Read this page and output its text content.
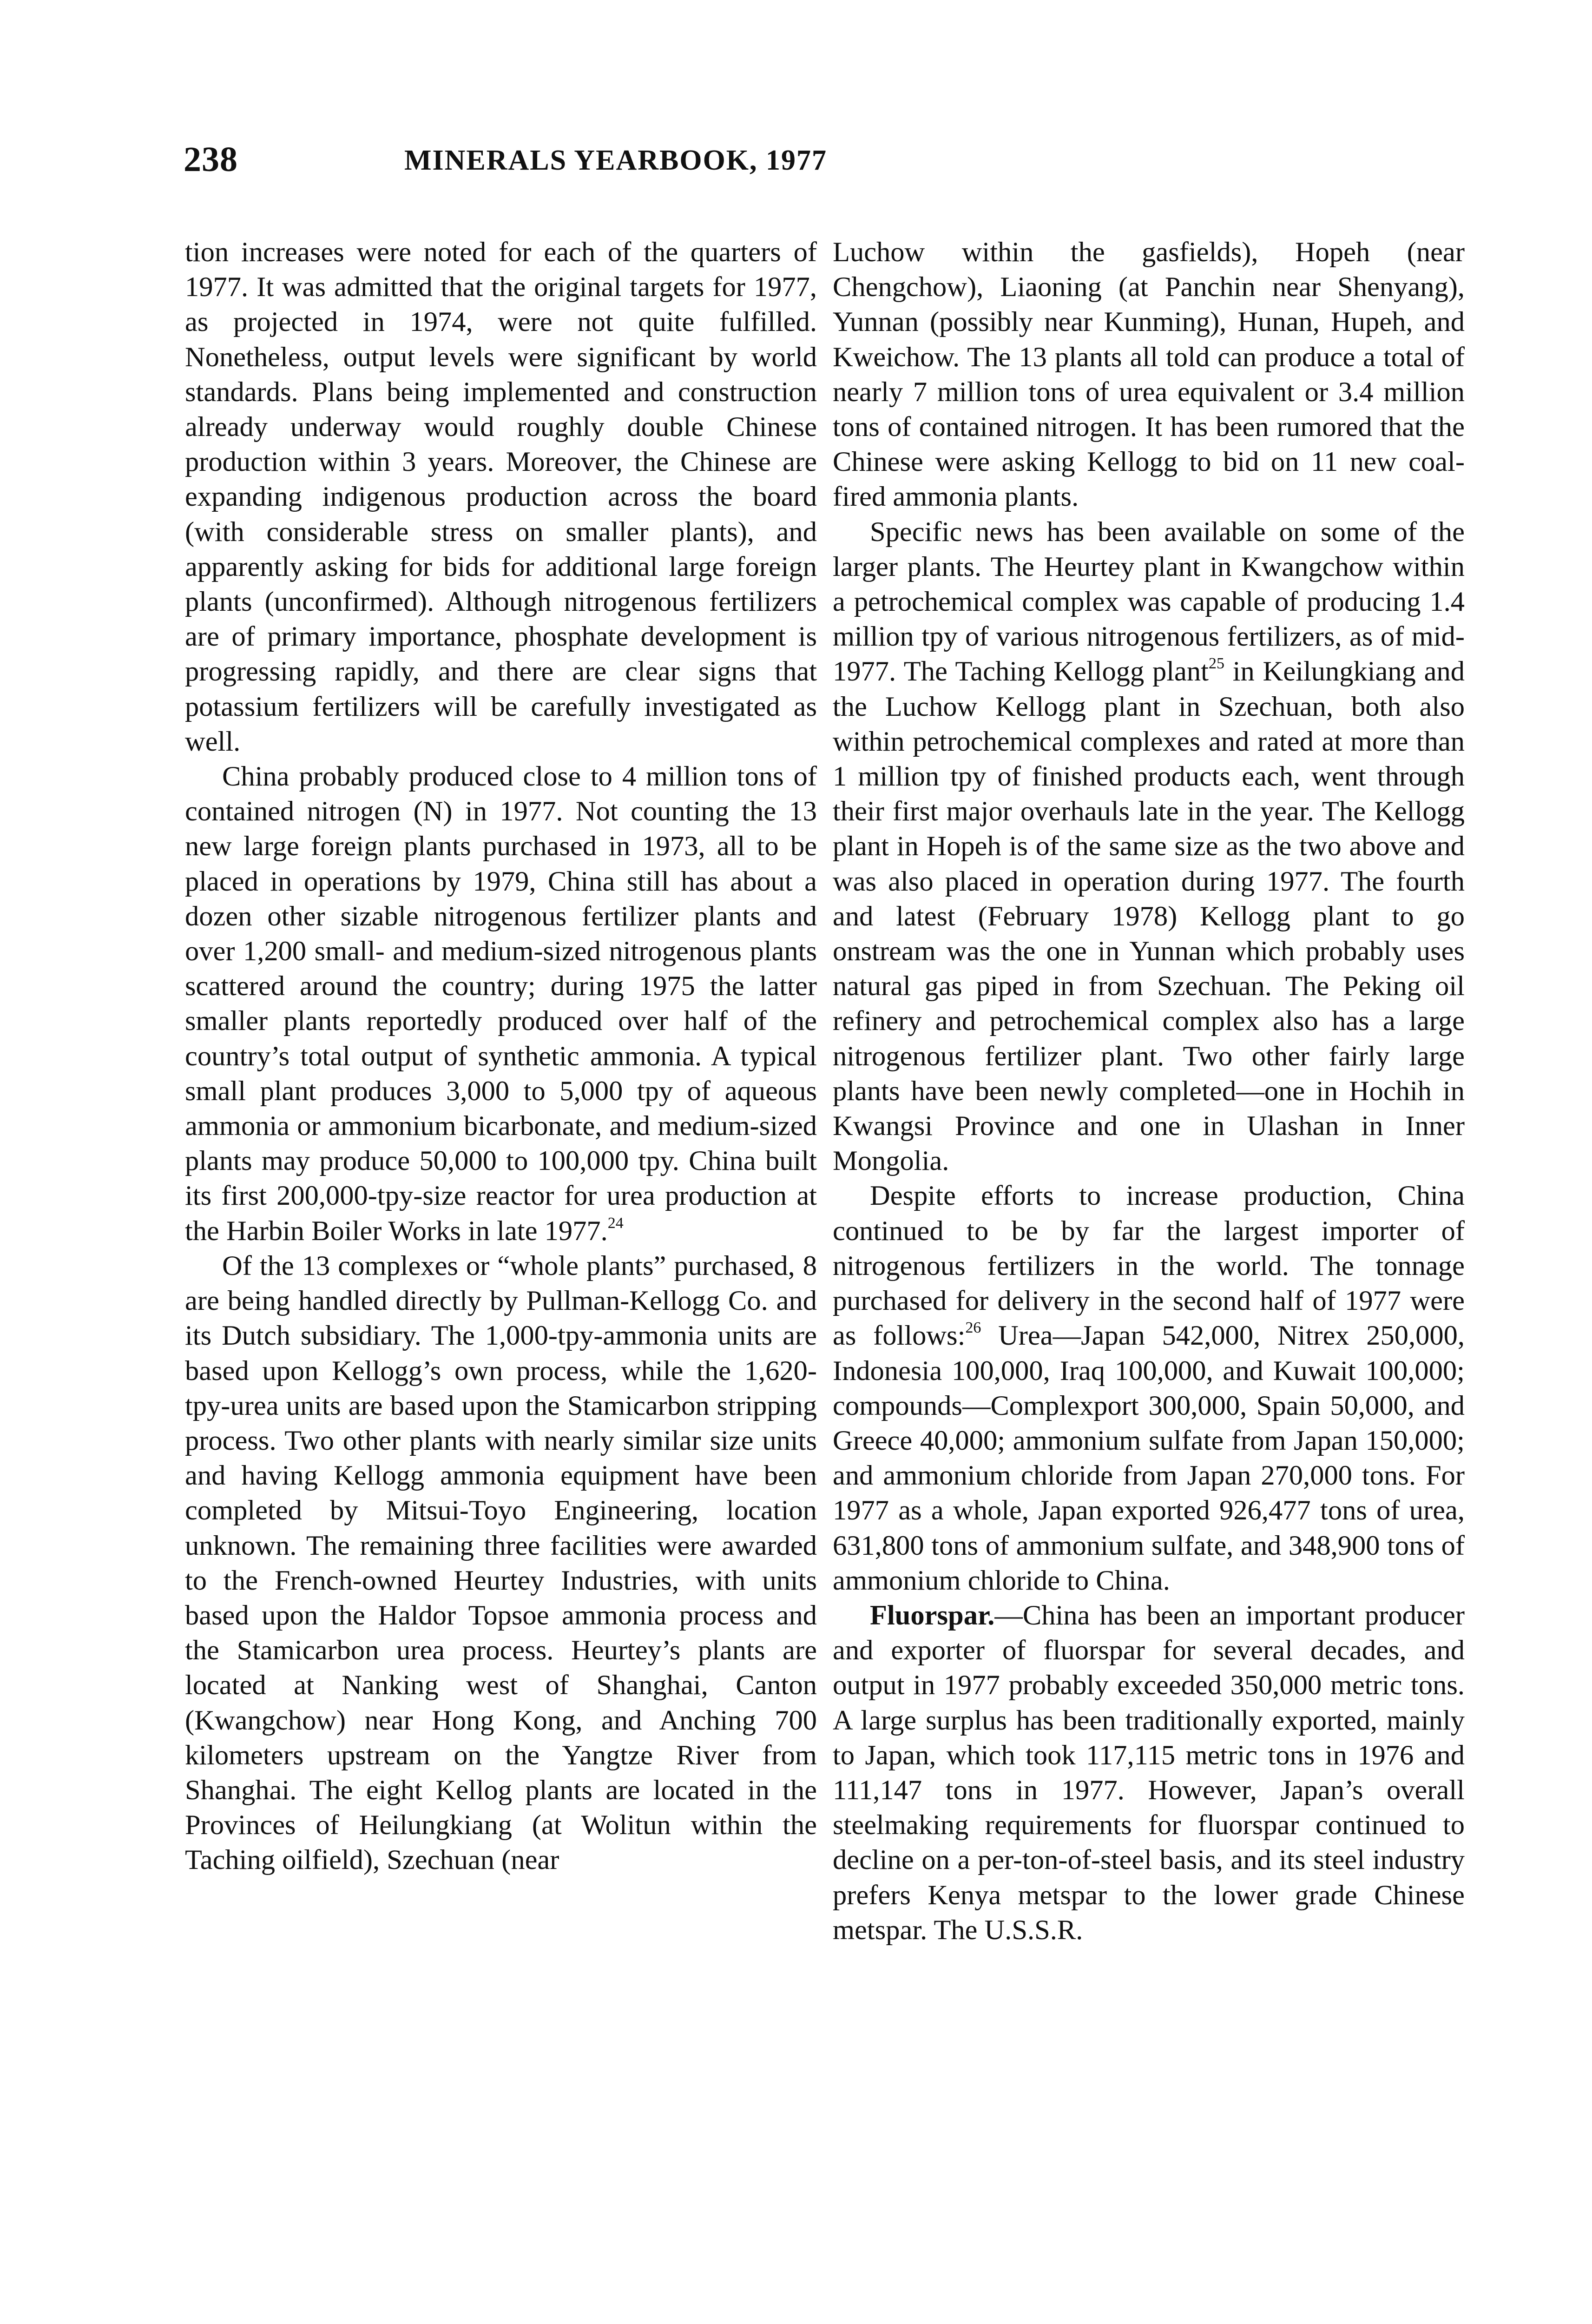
238	MINERALS YEARBOOK, 1977

tion increases were noted for each of the quarters of 1977. It was admitted that the original targets for 1977, as projected in 1974, were not quite fulfilled. Nonetheless, output levels were significant by world standards. Plans being implemented and construction already underway would roughly double Chinese production within 3 years. Moreover, the Chinese are expanding indigenous production across the board (with considerable stress on smaller plants), and apparently asking for bids for additional large foreign plants (unconfirmed). Although nitrogenous fertilizers are of primary importance, phosphate development is progressing rapidly, and there are clear signs that potassium fertilizers will be carefully investigated as well.

China probably produced close to 4 million tons of contained nitrogen (N) in 1977. Not counting the 13 new large foreign plants purchased in 1973, all to be placed in operations by 1979, China still has about a dozen other sizable nitrogenous fertilizer plants and over 1,200 small- and medium-sized nitrogenous plants scattered around the country; during 1975 the latter smaller plants reportedly produced over half of the country’s total output of synthetic ammonia. A typical small plant produces 3,000 to 5,000 tpy of aqueous ammonia or ammonium bicarbonate, and medium-sized plants may produce 50,000 to 100,000 tpy. China built its first 200,000-tpy-size reactor for urea production at the Harbin Boiler Works in late 1977.24

Of the 13 complexes or “whole plants” purchased, 8 are being handled directly by Pullman-Kellogg Co. and its Dutch subsidiary. The 1,000-tpy-ammonia units are based upon Kellogg’s own process, while the 1,620-tpy-urea units are based upon the Stamicarbon stripping process. Two other plants with nearly similar size units and having Kellogg ammonia equipment have been completed by Mitsui-Toyo Engineering, location unknown. The remaining three facilities were awarded to the French-owned Heurtey Industries, with units based upon the Haldor Topsoe ammonia process and the Stamicarbon urea process. Heurtey’s plants are located at Nanking west of Shanghai, Canton (Kwangchow) near Hong Kong, and Anching 700 kilometers upstream on the Yangtze River from Shanghai. The eight Kellog plants are located in the Provinces of Heilungkiang (at Wolitun within the Taching oilfield), Szechuan (near

Luchow within the gasfields), Hopeh (near Chengchow), Liaoning (at Panchin near Shenyang), Yunnan (possibly near Kunming), Hunan, Hupeh, and Kweichow. The 13 plants all told can produce a total of nearly 7 million tons of urea equivalent or 3.4 million tons of contained nitrogen. It has been rumored that the Chinese were asking Kellogg to bid on 11 new coal-fired ammonia plants.

Specific news has been available on some of the larger plants. The Heurtey plant in Kwangchow within a petrochemical complex was capable of producing 1.4 million tpy of various nitrogenous fertilizers, as of mid-1977. The Taching Kellogg plant$^{25}$ in Keilungkiang and the Luchow Kellogg plant in Szechuan, both also within petrochemical complexes and rated at more than 1 million tpy of finished products each, went through their first major overhauls late in the year. The Kellogg plant in Hopeh is of the same size as the two above and was also placed in operation during 1977. The fourth and latest (February 1978) Kellogg plant to go onstream was the one in Yunnan which probably uses natural gas piped in from Szechuan. The Peking oil refinery and petrochemical complex also has a large nitrogenous fertilizer plant. Two other fairly large plants have been newly completed—one in Hochih in Kwangsi Province and one in Ulashan in Inner Mongolia.

Despite efforts to increase production, China continued to be by far the largest importer of nitrogenous fertilizers in the world. The tonnage purchased for delivery in the second half of 1977 were as follows:$^{26}$ Urea—Japan 542,000, Nitrex 250,000, Indonesia 100,000, Iraq 100,000, and Kuwait 100,000; compounds—Complexport 300,000, Spain 50,000, and Greece 40,000; ammonium sulfate from Japan 150,000; and ammonium chloride from Japan 270,000 tons. For 1977 as a whole, Japan exported 926,477 tons of urea, 631,800 tons of ammonium sulfate, and 348,900 tons of ammonium chloride to China.

Fluorspar.—China has been an important producer and exporter of fluorspar for several decades, and output in 1977 probably exceeded 350,000 metric tons. A large surplus has been traditionally exported, mainly to Japan, which took 117,115 metric tons in 1976 and 111,147 tons in 1977. However, Japan’s overall steelmaking requirements for fluorspar continued to decline on a per-ton-of-steel basis, and its steel industry prefers Kenya metspar to the lower grade Chinese metspar. The U.S.S.R.
